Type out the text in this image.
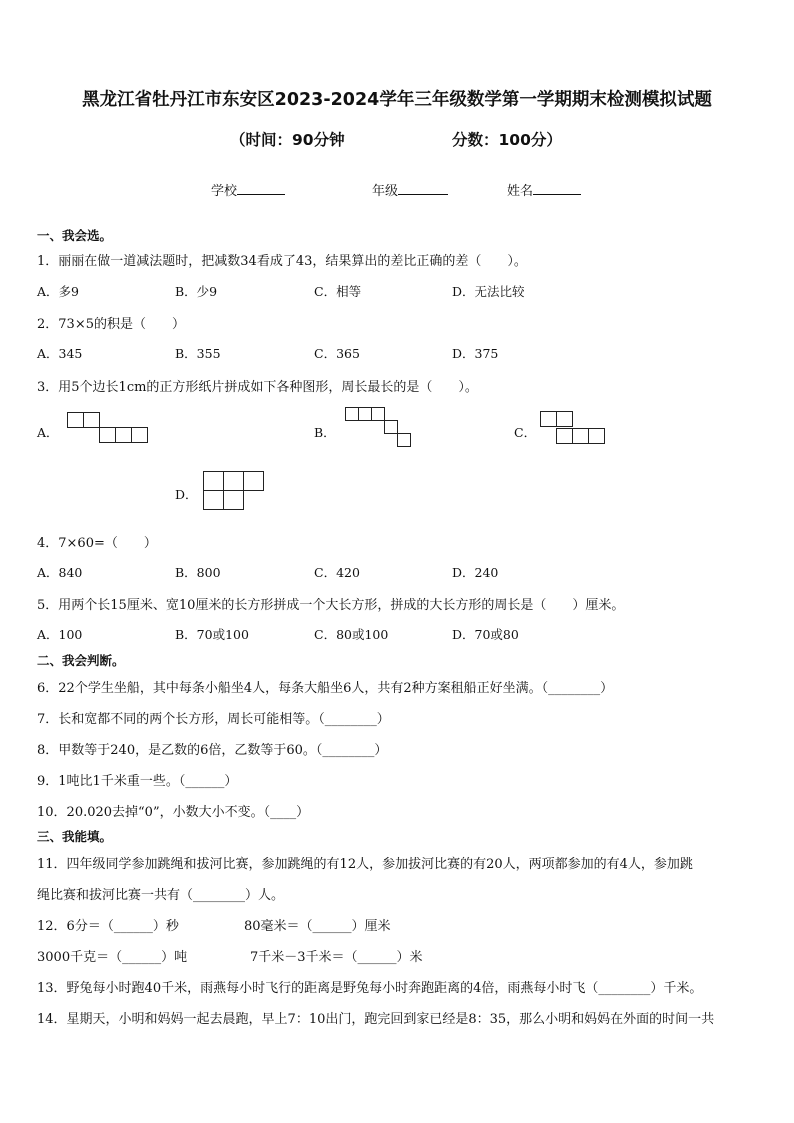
黑龙江省牡丹江市东安区2023-2024学年三年级数学第一学期期末检测模拟试题
（时间：90分钟	分数：100分）
学校	年级	姓名
一、我会选。
1．丽丽在做一道减法题时，把减数34看成了43，结果算出的差比正确的差（　　）。
A．多9	B．少9	C．相等	D．无法比较
2．73×5的积是（　　）
A．345	B．355	C．365	D．375
3．用5个边长1cm的正方形纸片拼成如下各种图形，周长最长的是（　　）。
A．	B．	C．
D．
4．7×60=（　　）
A．840	B．800	C．420	D．240
5．用两个长15厘米、宽10厘米的长方形拼成一个大长方形，拼成的大长方形的周长是（　　）厘米。
A．100	B．70或100	C．80或100	D．70或80
二、我会判断。
6．22个学生坐船，其中每条小船坐4人，每条大船坐6人，共有2种方案租船正好坐满。（________）
7．长和宽都不同的两个长方形，周长可能相等。（________）
8．甲数等于240，是乙数的6倍，乙数等于60。（________）
9．1吨比1千米重一些。（______）
10．20.020去掉“0”，小数大小不变。（____）
三、我能填。
11．四年级同学参加跳绳和拔河比赛，参加跳绳的有12人，参加拔河比赛的有20人，两项都参加的有4人，参加跳
绳比赛和拔河比赛一共有（________）人。
12．6分＝（______）秒	80毫米＝（______）厘米
3000千克＝（______）吨	7千米－3千米＝（______）米
13．野兔每小时跑40千米，雨燕每小时飞行的距离是野兔每小时奔跑距离的4倍，雨燕每小时飞（________）千米。
14．星期天，小明和妈妈一起去晨跑，早上7：10出门，跑完回到家已经是8：35，那么小明和妈妈在外面的时间一共
